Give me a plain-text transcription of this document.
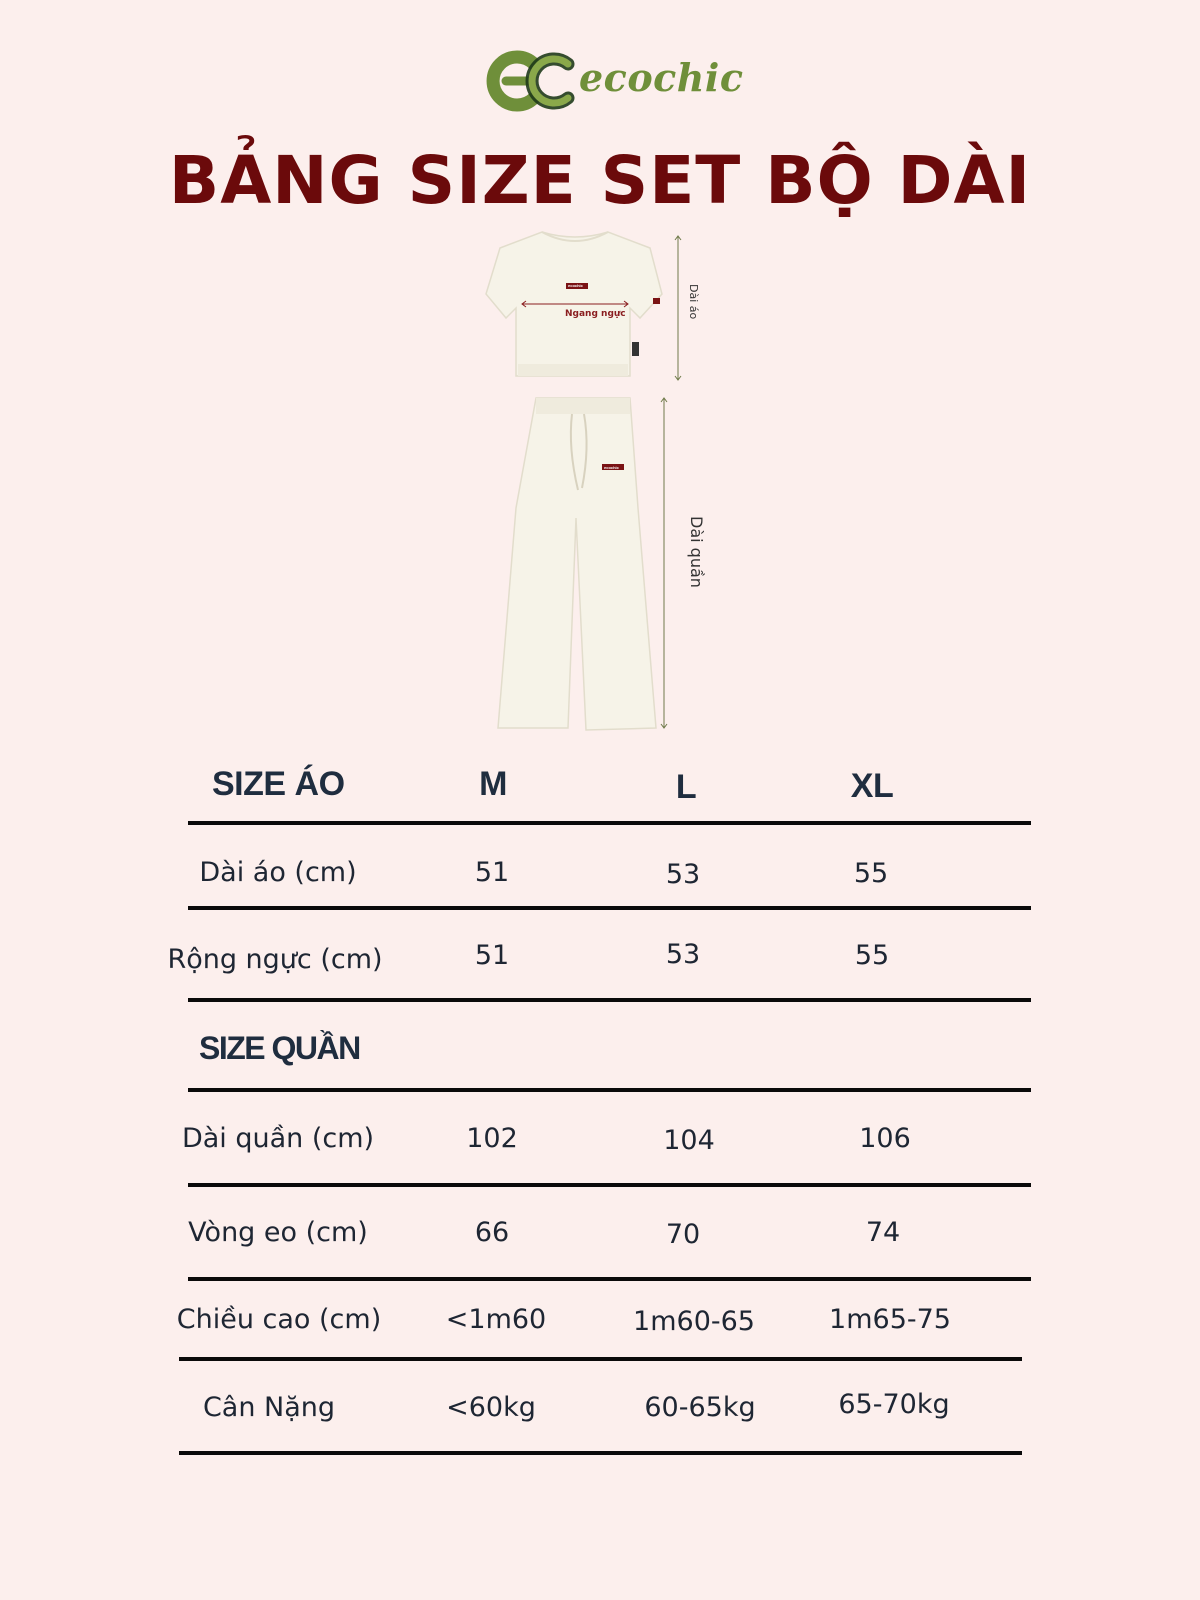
ecochic
BẢNG SIZE SET BỘ DÀI
Ngang ngực	Dài áo
Dài quần
ecochic
ecochic
SIZE ÁO	M	L	XL
Dài áo (cm)	51	53	55
Rộng ngực (cm)	51	53	55
SIZE QUẦN
Dài quần (cm)	102	104	106
Vòng eo (cm)	66	70	74
Chiều cao (cm) <1m60	1m60-65	1m65-75
Cân Nặng	<60kg	60-65kg	65-70kg
